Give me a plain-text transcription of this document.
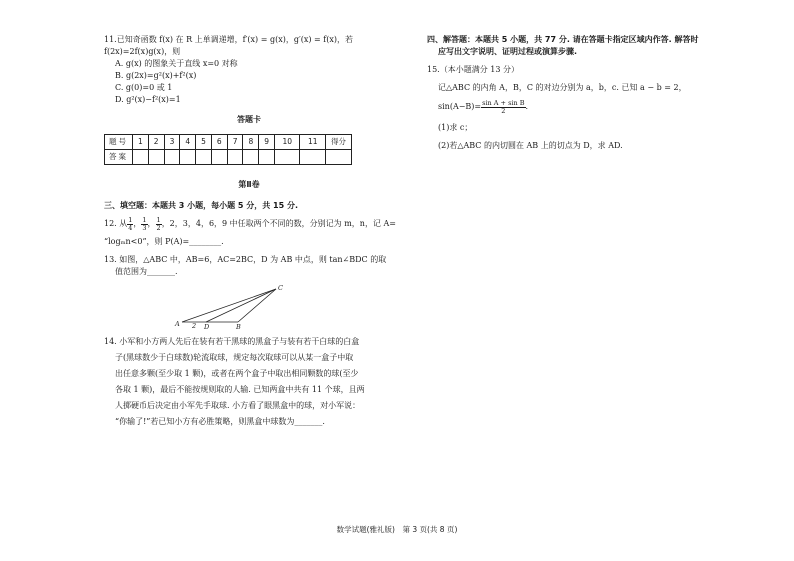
11.已知奇函数 f(x) 在 R 上单调递增，f′(x) = g(x)，g′(x) = f(x)，若
f(2x)=2f(x)g(x)，则
A. g(x) 的图象关于直线 x=0 对称
B. g(2x)=g²(x)+f²(x)
C. g(0)=0 或 1
D. g²(x)−f²(x)=1
答题卡
题号	1	2	3	4	5	6	7	8	9	10	11	得分
答案												
第Ⅱ卷
三、填空题：本题共 3 小题，每小题 5 分，共 15 分.
12. 从 $\frac{1}{4}$ ， $\frac{1}{3}$ ， $\frac{1}{2}$ ，2，3，4，6，9 中任取两个不同的数，分别记为 m，n，记 A=
“logₘn<0”，则 P(A)=________.
13. 如图，△ABC 中，AB=6，AC=2BC，D 为 AB 中点，则 tan∠BDC 的取
值范围为_______.
A 2 D	B
C
14. 小军和小方两人先后在装有若干黑球的黑盒子与装有若干白球的白盒
子(黑球数少于白球数)轮流取球，规定每次取球可以从某一盒子中取
出任意多颗(至少取 1 颗)，或者在两个盒子中取出相同颗数的球(至少
各取 1 颗)，最后不能按规则取的人输. 已知两盒中共有 11 个球，且两
人掷硬币后决定由小军先手取球. 小方看了眼黑盒中的球，对小军说：
“你输了!”若已知小方有必胜策略，则黑盒中球数为_______.
四、解答题：本题共 5 小题，共 77 分. 请在答题卡指定区域内作答. 解答时
应写出文字说明、证明过程或演算步骤.
15.（本小题满分 13 分）
记△ABC 的内角 A，B，C 的对边分别为 a，b，c. 已知 a − b = 2，
$\sin(A-B)= \frac{\text{sin A + sin B}}{2}$ .
(1)求 c；
(2)若△ABC 的内切圆在 AB 上的切点为 D，求 AD.
数学试题(雅礼版)　第 3 页(共 8 页)
